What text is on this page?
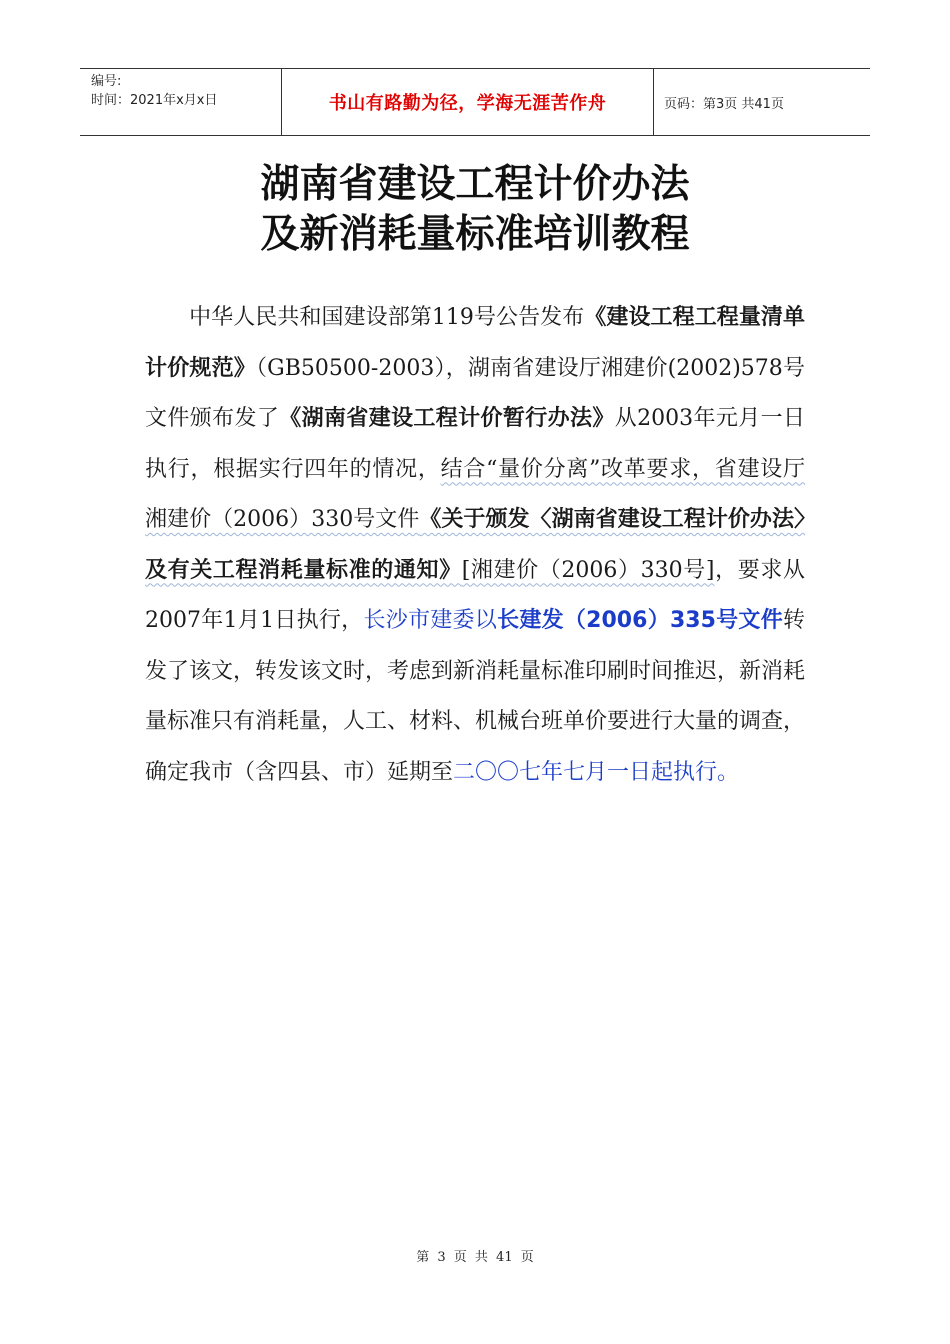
编号:
时间：2021年x月x日	书山有路勤为径，学海无涯苦作舟	页码：第3页 共41页
湖南省建设工程计价办法
及新消耗量标准培训教程
中华人民共和国建设部第119号公告发布《建设工程工程量清单计价规范》（GB50500-2003），湖南省建设厅湘建价(2002)578号文件颁布发了《湖南省建设工程计价暂行办法》从2003年元月一日执行，根据实行四年的情况，结合“量价分离”改革要求，省建设厅湘建价（2006）330号文件《关于颁发〈湖南省建设工程计价办法〉及有关工程消耗量标准的通知》[湘建价（2006）330号]，要求从2007年1月1日执行，长沙市建委以长建发（2006）335号文件转发了该文，转发该文时，考虑到新消耗量标准印刷时间推迟，新消耗量标准只有消耗量，人工、材料、机械台班单价要进行大量的调查，确定我市（含四县、市）延期至二〇〇七年七月一日起执行。
第 3 页 共 41 页
